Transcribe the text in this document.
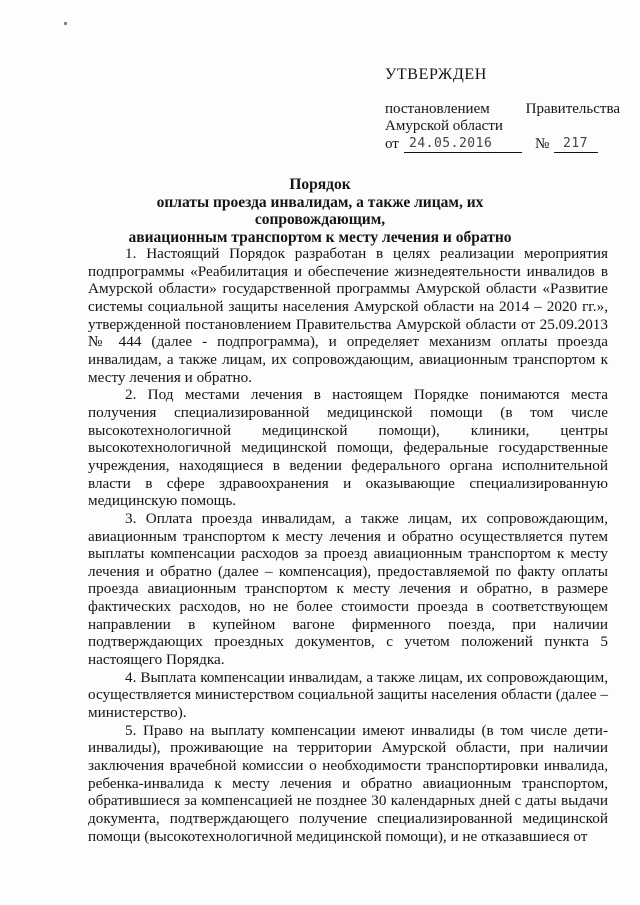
УТВЕРЖДЕН
постановлением Правительства
Амурской области
от 24.05.2016	№ 217
Порядок
оплаты проезда инвалидам, а также лицам, их сопровождающим,
авиационным транспортом к месту лечения и обратно

1. Настоящий Порядок разработан в целях реализации мероприятия подпрограммы «Реабилитация и обеспечение жизнедеятельности инвалидов в Амурской области» государственной программы Амурской области «Развитие системы социальной защиты населения Амурской области на 2014 – 2020 гг.», утвержденной постановлением Правительства Амурской области от 25.09.2013 № 444 (далее - подпрограмма), и определяет механизм оплаты проезда инвалидам, а также лицам, их сопровождающим, авиационным транспортом к месту лечения и обратно.

2. Под местами лечения в настоящем Порядке понимаются места получения специализированной медицинской помощи (в том числе высокотехнологичной медицинской помощи), клиники, центры высокотехнологичной медицинской помощи, федеральные государственные учреждения, находящиеся в ведении федерального органа исполнительной власти в сфере здравоохранения и оказывающие специализированную медицинскую помощь.

3. Оплата проезда инвалидам, а также лицам, их сопровождающим, авиационным транспортом к месту лечения и обратно осуществляется путем выплаты компенсации расходов за проезд авиационным транспортом к месту лечения и обратно (далее – компенсация), предоставляемой по факту оплаты проезда авиационным транспортом к месту лечения и обратно, в размере фактических расходов, но не более стоимости проезда в соответствующем направлении в купейном вагоне фирменного поезда, при наличии подтверждающих проездных документов, с учетом положений пункта 5 настоящего Порядка.

4. Выплата компенсации инвалидам, а также лицам, их сопровождающим, осуществляется министерством социальной защиты населения области (далее – министерство).

5. Право на выплату компенсации имеют инвалиды (в том числе дети-инвалиды), проживающие на территории Амурской области, при наличии заключения врачебной комиссии о необходимости транспортировки инвалида, ребенка-инвалида к месту лечения и обратно авиационным транспортом, обратившиеся за компенсацией не позднее 30 календарных дней с даты выдачи документа, подтверждающего получение специализированной медицинской помощи (высокотехнологичной медицинской помощи), и не отказавшиеся от
